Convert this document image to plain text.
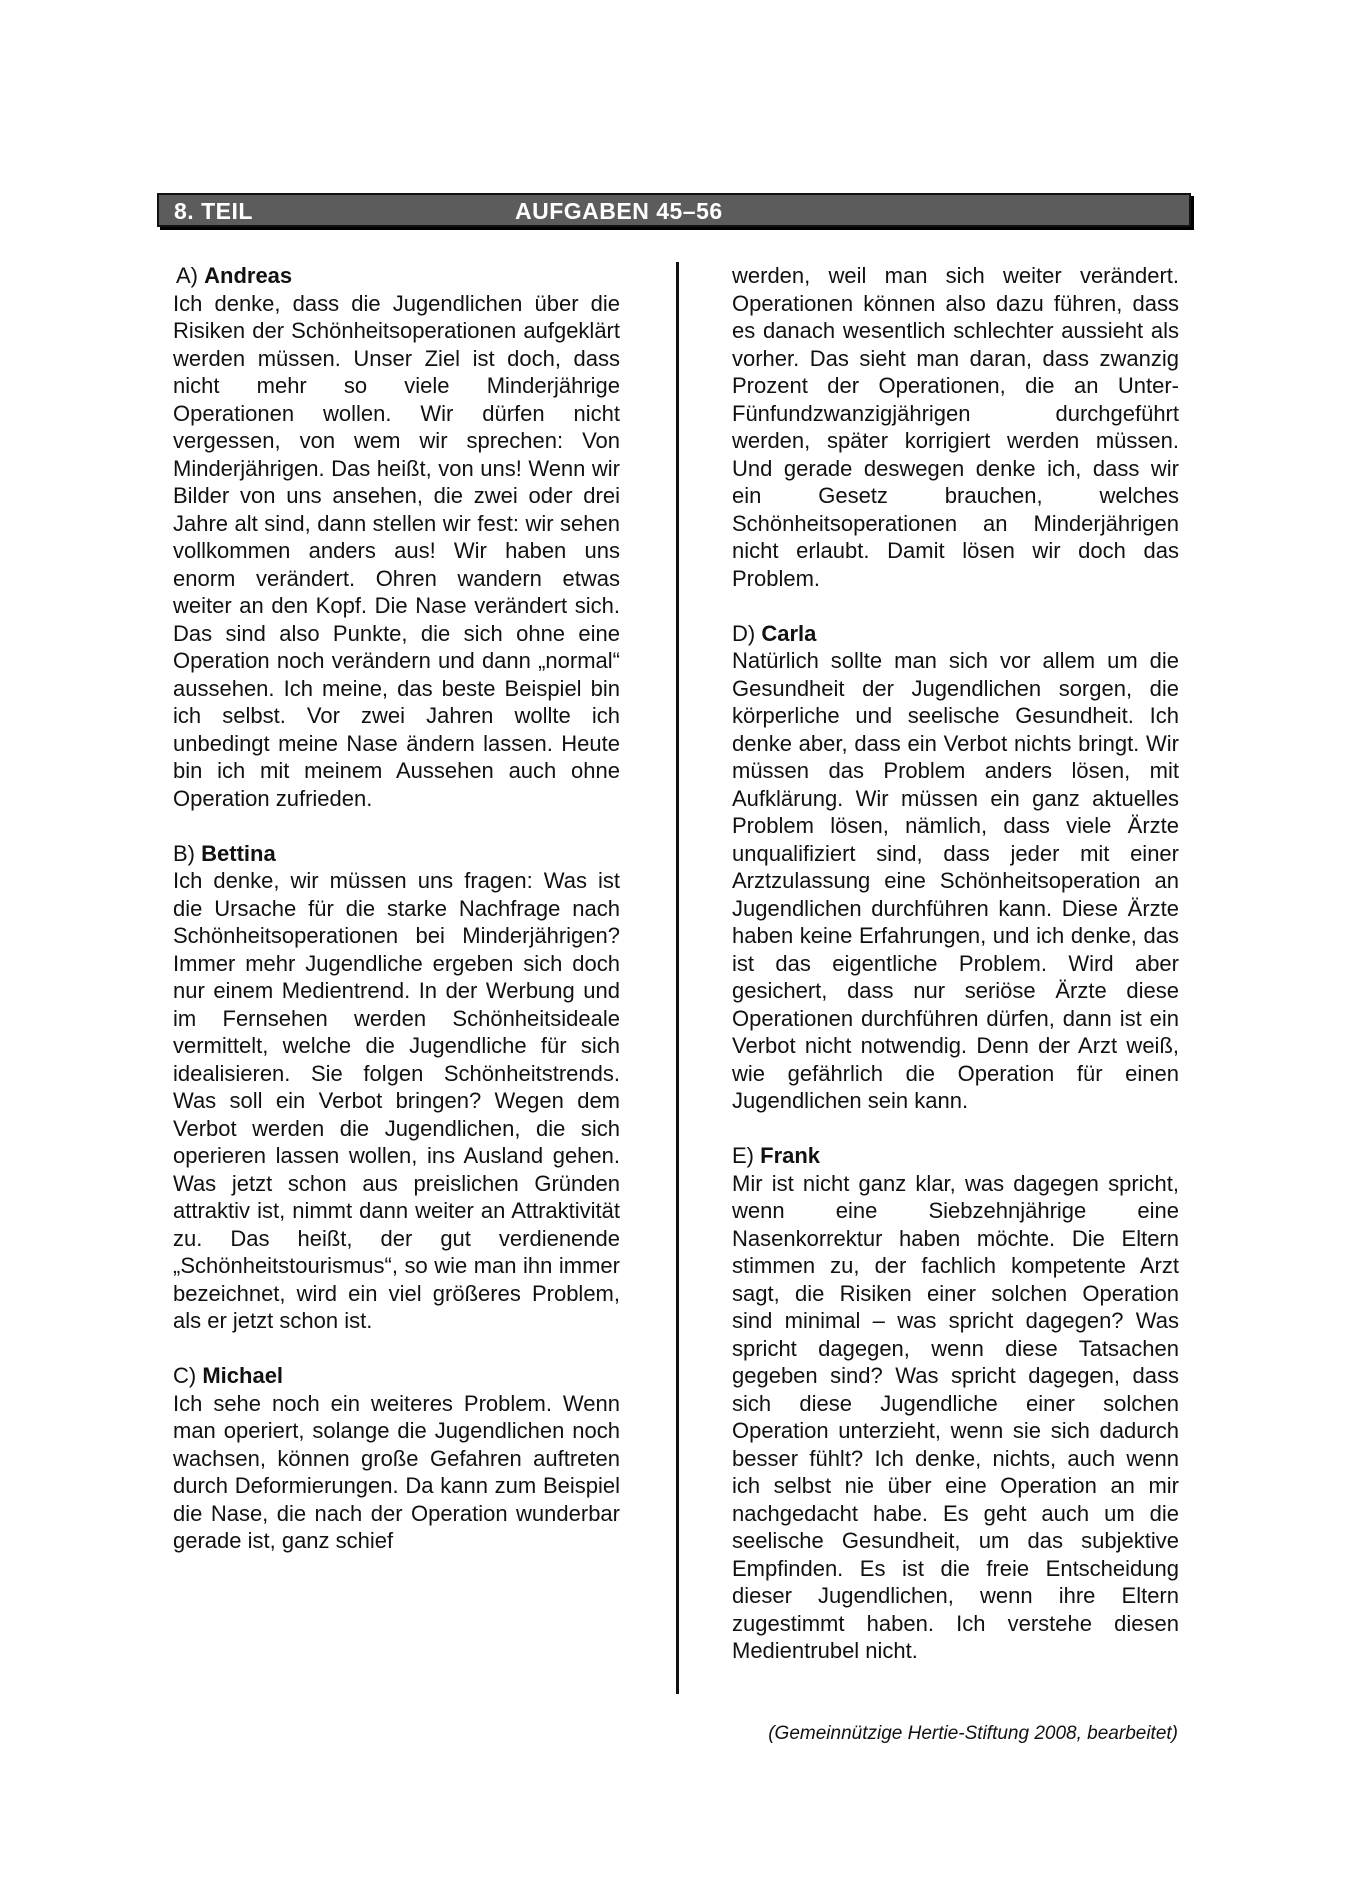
8. TEIL	AUFGABEN 45–56

A) Andreas

Ich denke, dass die Jugendlichen über die Risiken der Schönheitsoperationen aufgeklärt werden müssen. Unser Ziel ist doch, dass nicht mehr so viele Minderjährige Operationen wollen. Wir dürfen nicht vergessen, von wem wir sprechen: Von Minderjährigen. Das heißt, von uns! Wenn wir Bilder von uns ansehen, die zwei oder drei Jahre alt sind, dann stellen wir fest: wir sehen vollkommen anders aus! Wir haben uns enorm verändert. Ohren wandern etwas weiter an den Kopf. Die Nase verändert sich. Das sind also Punkte, die sich ohne eine Operation noch verändern und dann „normal“ aussehen. Ich meine, das beste Beispiel bin ich selbst. Vor zwei Jahren wollte ich unbedingt meine Nase ändern lassen. Heute bin ich mit meinem Aussehen auch ohne Operation zufrieden.

B) Bettina

Ich denke, wir müssen uns fragen: Was ist die Ursache für die starke Nachfrage nach Schönheitsoperationen bei Minderjährigen? Immer mehr Jugendliche ergeben sich doch nur einem Medientrend. In der Werbung und im Fernsehen werden Schönheitsideale vermittelt, welche die Jugendliche für sich idealisieren. Sie folgen Schönheitstrends. Was soll ein Verbot bringen? Wegen dem Verbot werden die Jugendlichen, die sich operieren lassen wollen, ins Ausland gehen. Was jetzt schon aus preislichen Gründen attraktiv ist, nimmt dann weiter an Attraktivität zu. Das heißt, der gut verdienende „Schönheitstourismus“, so wie man ihn immer bezeichnet, wird ein viel größeres Problem, als er jetzt schon ist.

C) Michael

Ich sehe noch ein weiteres Problem. Wenn man operiert, solange die Jugendlichen noch wachsen, können große Gefahren auftreten durch Deformierungen. Da kann zum Beispiel die Nase, die nach der Operation wunderbar gerade ist, ganz schief

werden, weil man sich weiter verändert. Operationen können also dazu führen, dass es danach wesentlich schlechter aussieht als vorher. Das sieht man daran, dass zwanzig Prozent der Operationen, die an Unter-Fünfundzwanzigjährigen durchgeführt werden, später korrigiert werden müssen. Und gerade deswegen denke ich, dass wir ein Gesetz brauchen, welches Schönheitsoperationen an Minderjährigen nicht erlaubt. Damit lösen wir doch das Problem.

D) Carla

Natürlich sollte man sich vor allem um die Gesundheit der Jugendlichen sorgen, die körperliche und seelische Gesundheit. Ich denke aber, dass ein Verbot nichts bringt. Wir müssen das Problem anders lösen, mit Aufklärung. Wir müssen ein ganz aktuelles Problem lösen, nämlich, dass viele Ärzte unqualifiziert sind, dass jeder mit einer Arztzulassung eine Schönheitsoperation an Jugendlichen durchführen kann. Diese Ärzte haben keine Erfahrungen, und ich denke, das ist das eigentliche Problem. Wird aber gesichert, dass nur seriöse Ärzte diese Operationen durchführen dürfen, dann ist ein Verbot nicht notwendig. Denn der Arzt weiß, wie gefährlich die Operation für einen Jugendlichen sein kann.

E) Frank

Mir ist nicht ganz klar, was dagegen spricht, wenn eine Siebzehnjährige eine Nasenkorrektur haben möchte. Die Eltern stimmen zu, der fachlich kompetente Arzt sagt, die Risiken einer solchen Operation sind minimal – was spricht dagegen? Was spricht dagegen, wenn diese Tatsachen gegeben sind? Was spricht dagegen, dass sich diese Jugendliche einer solchen Operation unterzieht, wenn sie sich dadurch besser fühlt? Ich denke, nichts, auch wenn ich selbst nie über eine Operation an mir nachgedacht habe. Es geht auch um die seelische Gesundheit, um das subjektive Empfinden. Es ist die freie Entscheidung dieser Jugendlichen, wenn ihre Eltern zugestimmt haben. Ich verstehe diesen Medientrubel nicht.

(Gemeinnützige Hertie-Stiftung 2008, bearbeitet)
